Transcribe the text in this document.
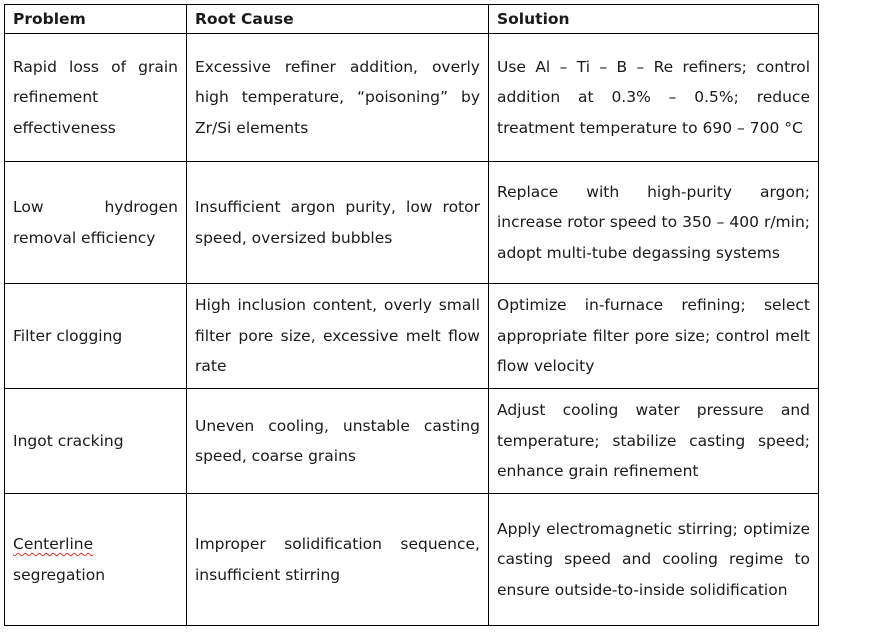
Problem	Root Cause	Solution
Rapid loss of grain refinement effectiveness	Excessive refiner addition, overly high temperature, “poisoning” by Zr/Si elements	Use Al – Ti – B – Re refiners; control addition at 0.3% – 0.5%; reduce treatment temperature to 690 – 700 °C
Low hydrogen removal efficiency	Insufficient argon purity, low rotor speed, oversized bubbles	Replace with high-purity argon; increase rotor speed to 350 – 400 r/min; adopt multi-tube degassing systems
Filter clogging	High inclusion content, overly small filter pore size, excessive melt flow rate	Optimize in-furnace refining; select appropriate filter pore size; control melt flow velocity
Ingot cracking	Uneven cooling, unstable casting speed, coarse grains	Adjust cooling water pressure and temperature; stabilize casting speed; enhance grain refinement
Centerline
segregation	Improper solidification sequence, insufficient stirring	Apply electromagnetic stirring; optimize casting speed and cooling regime to ensure outside-to-inside solidification
